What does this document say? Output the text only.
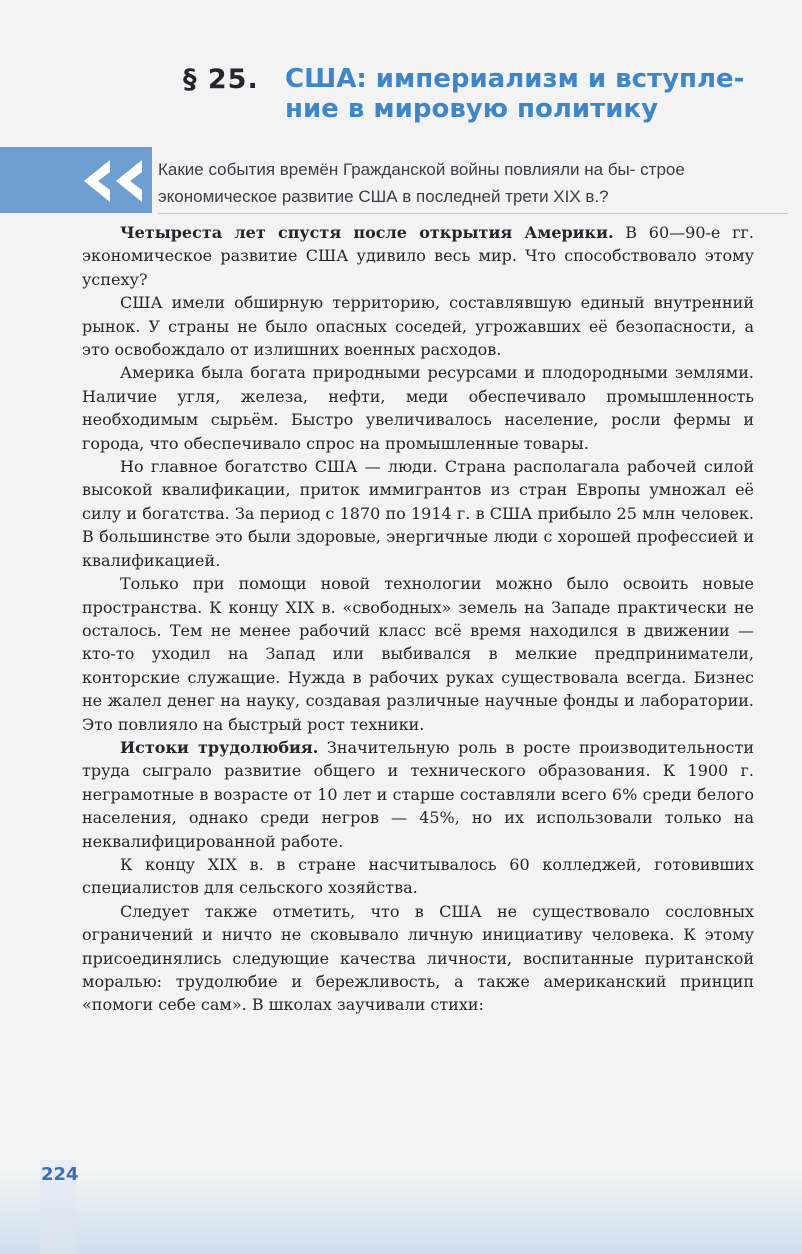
§ 25. США: империализм и вступле- ние в мировую политику
Какие события времён Гражданской войны повлияли на бы- строе экономическое развитие США в последней трети XIX в.?

Четыреста лет спустя после открытия Америки. В 60—90-е гг. экономическое развитие США удивило весь мир. Что способствовало этому успеху?

США имели обширную территорию, составлявшую единый внутренний рынок. У страны не было опасных соседей, угрожавших её безопасности, а это освобождало от излишних военных расходов.

Америка была богата природными ресурсами и плодородными землями. Наличие угля, железа, нефти, меди обеспечивало промышленность необходимым сырьём. Быстро увеличивалось население, росли фермы и города, что обеспечивало спрос на промышленные товары.

Но главное богатство США — люди. Страна располагала рабочей силой высокой квалификации, приток иммигрантов из стран Европы умножал её силу и богатства. За период с 1870 по 1914 г. в США прибыло 25 млн человек. В большинстве это были здоровые, энергичные люди с хорошей профессией и квалификацией.

Только при помощи новой технологии можно было освоить новые пространства. К концу XIX в. «свободных» земель на Западе практически не осталось. Тем не менее рабочий класс всё время находился в движении — кто-то уходил на Запад или выбивался в мелкие предприниматели, конторские служащие. Нужда в рабочих руках существовала всегда. Бизнес не жалел денег на науку, создавая различные научные фонды и лаборатории. Это повлияло на быстрый рост техники.

Истоки трудолюбия. Значительную роль в росте производительности труда сыграло развитие общего и технического образования. К 1900 г. неграмотные в возрасте от 10 лет и старше составляли всего 6% среди белого населения, однако среди негров — 45%, но их использовали только на неквалифицированной работе.

К концу XIX в. в стране насчитывалось 60 колледжей, готовивших специалистов для сельского хозяйства.

Следует также отметить, что в США не существовало сословных ограничений и ничто не сковывало личную инициативу человека. К этому присоединялись следующие качества личности, воспитанные пуританской моралью: трудолюбие и бережливость, а также американский принцип «помоги себе сам». В школах заучивали стихи:

224
